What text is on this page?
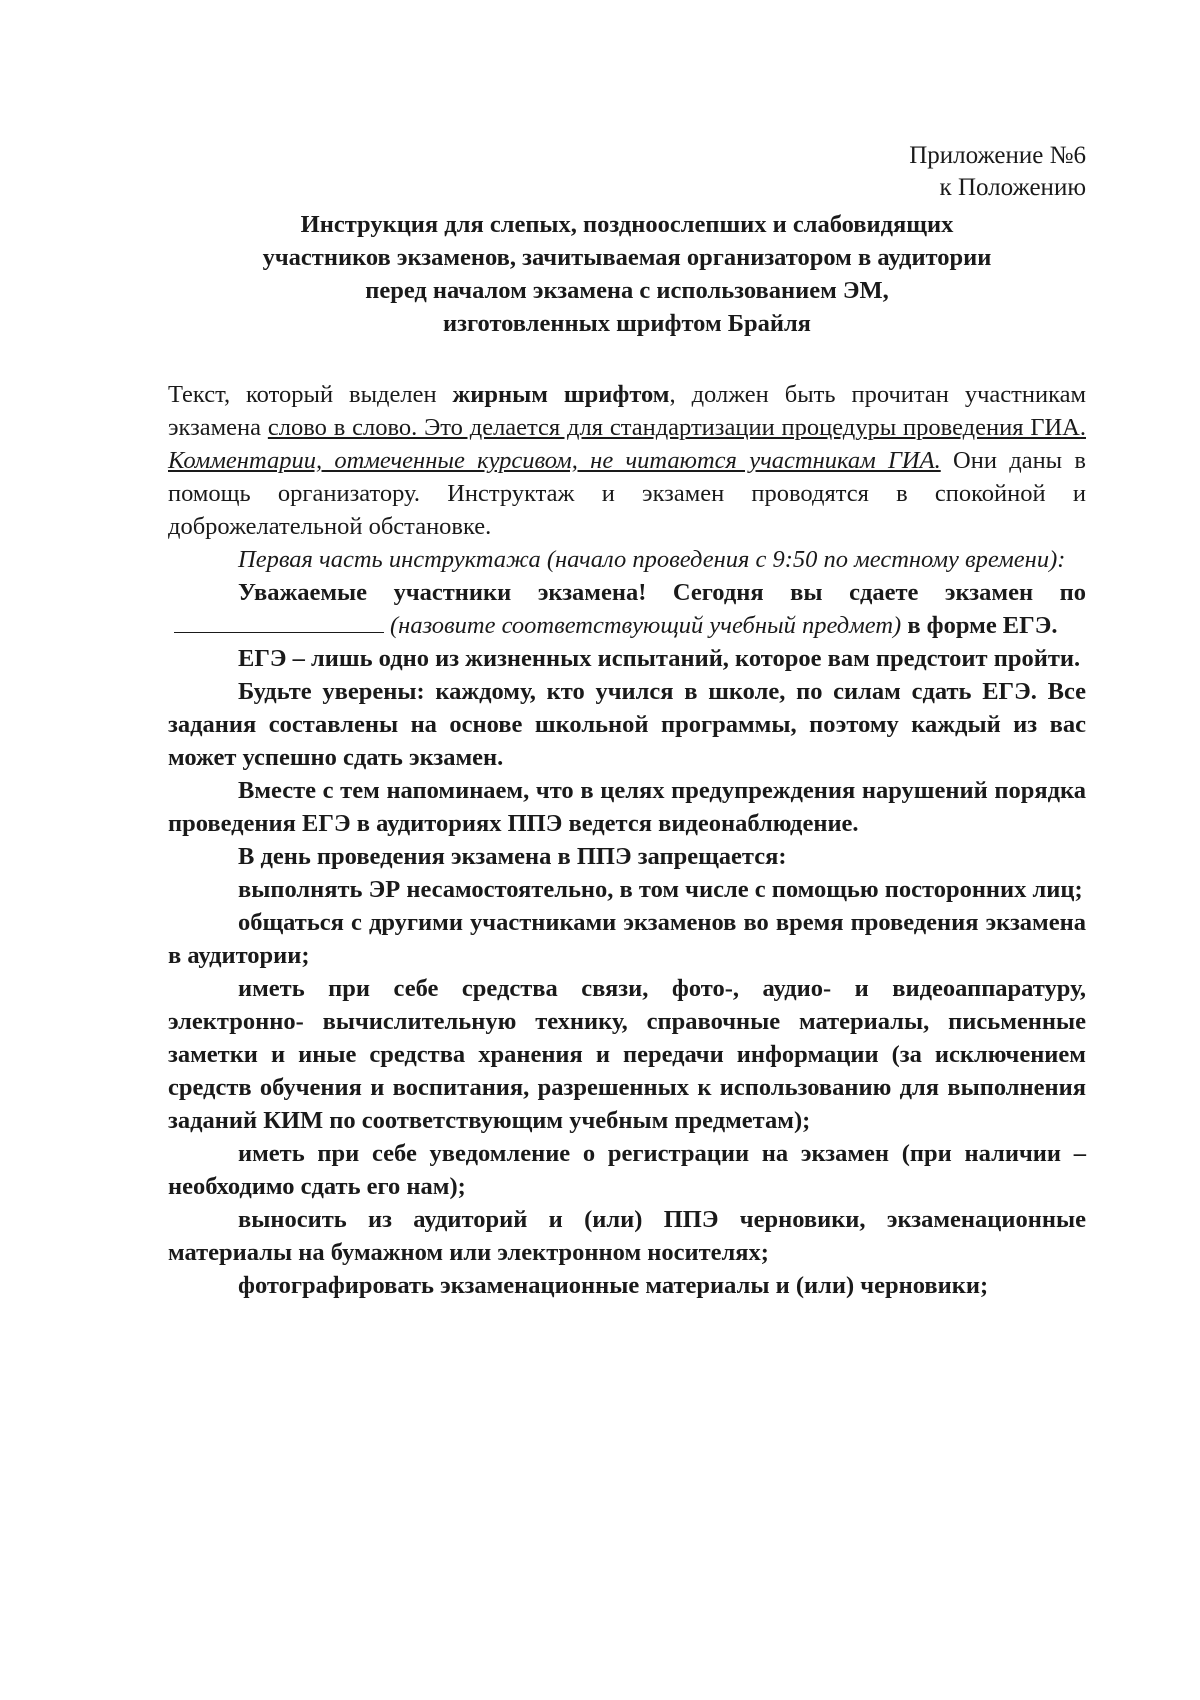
Приложение №6
к Положению
Инструкция для слепых, поздноослепших и слабовидящих
участников экзаменов, зачитываемая организатором в аудитории
перед началом экзамена с использованием ЭМ,
изготовленных шрифтом Брайля

Текст, который выделен жирным шрифтом, должен быть прочитан участникам экзамена слово в слово. Это делается для стандартизации процедуры проведения ГИА. Комментарии, отмеченные курсивом, не читаются участникам ГИА. Они даны в помощь организатору. Инструктаж и экзамен проводятся в спокойной и доброжелательной обстановке.

Первая часть инструктажа (начало проведения с 9:50 по местному времени):

Уважаемые участники экзамена! Сегодня вы сдаете экзамен по(назовите соответствующий учебный предмет) в форме ЕГЭ.

ЕГЭ – лишь одно из жизненных испытаний, которое вам предстоит пройти.

Будьте уверены: каждому, кто учился в школе, по силам сдать ЕГЭ. Все задания составлены на основе школьной программы, поэтому каждый из вас может успешно сдать экзамен.

Вместе с тем напоминаем, что в целях предупреждения нарушений порядка проведения ЕГЭ в аудиториях ППЭ ведется видеонаблюдение.

В день проведения экзамена в ППЭ запрещается:

выполнять ЭР несамостоятельно, в том числе с помощью посторонних лиц;

общаться с другими участниками экзаменов во время проведения экзамена в аудитории;

иметь при себе средства связи, фото-, аудио- и видеоаппаратуру, электронно- вычислительную технику, справочные материалы, письменные заметки и иные средства хранения и передачи информации (за исключением средств обучения и воспитания, разрешенных к использованию для выполнения заданий КИМ по соответствующим учебным предметам);

иметь при себе уведомление о регистрации на экзамен (при наличии – необходимо сдать его нам);

выносить из аудиторий и (или) ППЭ черновики, экзаменационные материалы на бумажном или электронном носителях;

фотографировать экзаменационные материалы и (или) черновики;
